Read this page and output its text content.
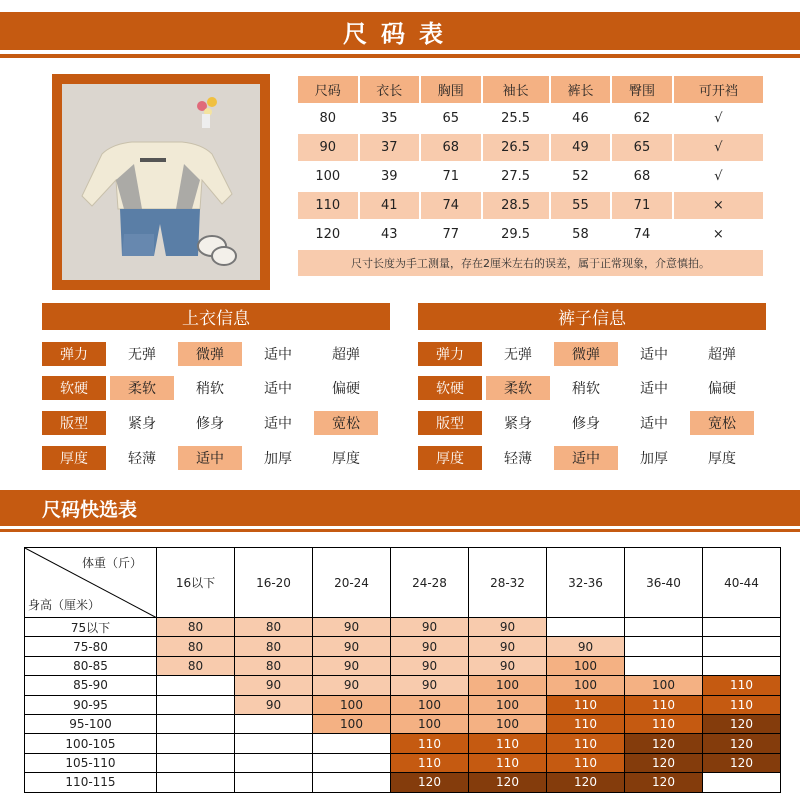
尺码表
尺码	衣长	胸围	袖长	裤长	臀围	可开裆
80	35	65	25.5	46	62	√
90	37	68	26.5	49	65	√
100	39	71	27.5	52	68	√
110	41	74	28.5	55	71	×
120	43	77	29.5	58	74	×
尺寸长度为手工测量，存在2厘米左右的误差，属于正常现象，介意慎拍。						
上衣信息
弹力	无弹	微弹	适中	超弹
软硬	柔软	稍软	适中	偏硬
版型	紧身	修身	适中	宽松
厚度	轻薄	适中	加厚	厚度
裤子信息
弹力	无弹	微弹	适中	超弹
软硬	柔软	稍软	适中	偏硬
版型	紧身	修身	适中	宽松
厚度	轻薄	适中	加厚	厚度
尺码快选表
体重（斤）
身高（厘米）	16以下	16-20	20-24	24-28	28-32	32-36	36-40	40-44
75以下	80	80	90	90	90			
75-80	80	80	90	90	90	90		
80-85	80	80	90	90	90	100		
85-90		90	90	90	100	100	100	110
90-95		90	100	100	100	110	110	110
95-100			100	100	100	110	110	120
100-105				110	110	110	120	120
105-110				110	110	110	120	120
110-115				120	120	120	120	
